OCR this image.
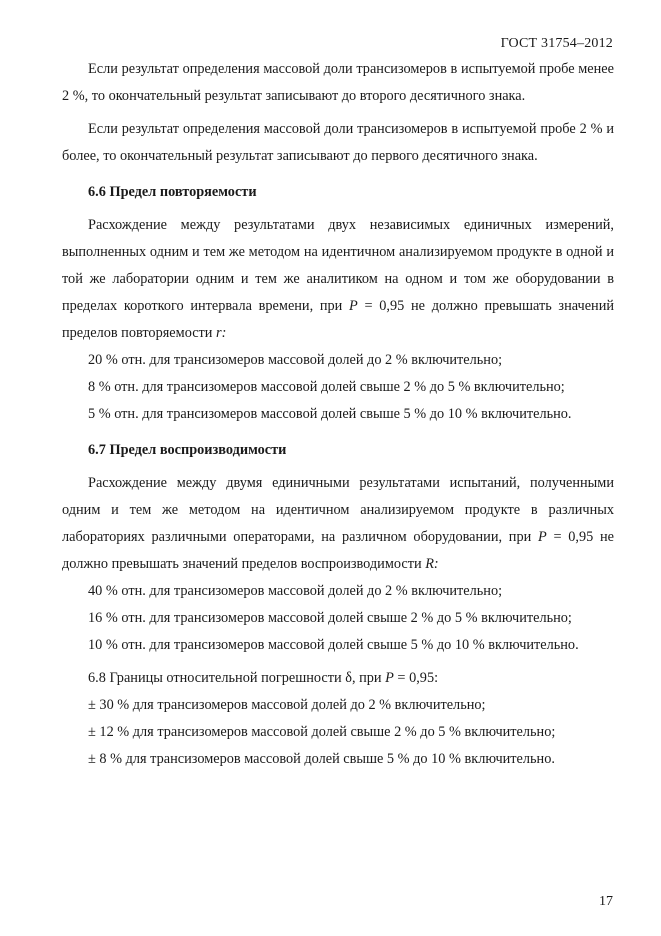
ГОСТ 31754–2012

Если результат определения массовой доли трансизомеров в испытуемой пробе менее 2 %, то окончательный результат записывают до второго десятичного знака.

Если результат определения массовой доли трансизомеров в испытуемой пробе 2 % и более, то окончательный результат записывают до первого десятичного знака.

6.6 Предел повторяемости

Расхождение между результатами двух независимых единичных измерений, выполненных одним и тем же методом на идентичном анализируемом продукте в одной и той же лаборатории одним и тем же аналитиком на одном и том же оборудовании в пределах короткого интервала времени, при P = 0,95 не должно превышать значений пределов повторяемости r:

20 % отн. для трансизомеров массовой долей до 2 % включительно;

8 % отн. для трансизомеров массовой долей свыше 2 % до 5 % включительно;

5 % отн. для трансизомеров массовой долей свыше 5 % до 10 % включительно.

6.7 Предел воспроизводимости

Расхождение между двумя единичными результатами испытаний, полученными одним и тем же методом на идентичном анализируемом продукте в различных лабораториях различными операторами, на различном оборудовании, при P = 0,95 не должно превышать значений пределов воспроизводимости R:

40 % отн. для трансизомеров массовой долей до 2 % включительно;

16 % отн. для трансизомеров массовой долей свыше 2 % до 5 % включительно;

10 % отн. для трансизомеров массовой долей свыше 5 % до 10 % включительно.

6.8 Границы относительной погрешности δ, при P = 0,95:

± 30 % для трансизомеров массовой долей до 2 % включительно;

± 12 % для трансизомеров массовой долей свыше 2 % до 5 % включительно;

± 8 % для трансизомеров массовой долей свыше 5 % до 10 % включительно.

17
